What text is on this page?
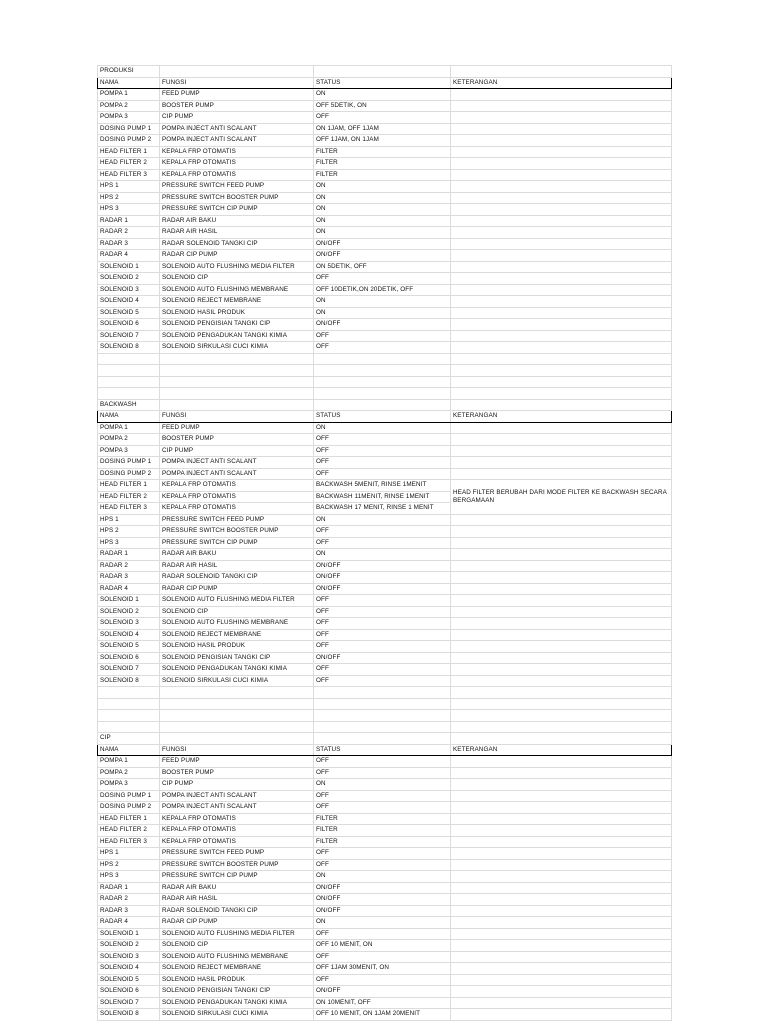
PRODUKSI			
NAMA	FUNGSI	STATUS	KETERANGAN
POMPA 1	FEED PUMP	ON	
POMPA 2	BOOSTER PUMP	OFF 5DETIK, ON	
POMPA 3	CIP PUMP	OFF	
DOSING PUMP 1	POMPA INJECT ANTI SCALANT	ON 1JAM, OFF 1JAM	
DOSING PUMP 2	POMPA INJECT ANTI SCALANT	OFF 1JAM, ON 1JAM	
HEAD FILTER 1	KEPALA FRP OTOMATIS	FILTER	
HEAD FILTER 2	KEPALA FRP OTOMATIS	FILTER	
HEAD FILTER 3	KEPALA FRP OTOMATIS	FILTER	
HPS 1	PRESSURE SWITCH FEED PUMP	ON	
HPS 2	PRESSURE SWITCH BOOSTER PUMP	ON	
HPS 3	PRESSURE SWITCH CIP PUMP	ON	
RADAR 1	RADAR AIR BAKU	ON	
RADAR 2	RADAR AIR HASIL	ON	
RADAR 3	RADAR SOLENOID TANGKI CIP	ON/OFF	
RADAR 4	RADAR CIP PUMP	ON/OFF	
SOLENOID 1	SOLENOID AUTO FLUSHING MEDIA FILTER	ON 5DETIK, OFF	
SOLENOID 2	SOLENOID CIP	OFF	
SOLENOID 3	SOLENOID AUTO FLUSHING MEMBRANE	OFF 10DETIK,ON 20DETIK, OFF	
SOLENOID 4	SOLENOID REJECT MEMBRANE	ON	
SOLENOID 5	SOLENOID HASIL PRODUK	ON	
SOLENOID 6	SOLENOID PENGISIAN TANGKI CIP	ON/OFF	
SOLENOID 7	SOLENOID PENGADUKAN TANGKI KIMIA	OFF	
SOLENOID 8	SOLENOID SIRKULASI CUCI KIMIA	OFF	

BACKWASH			
NAMA	FUNGSI	STATUS	KETERANGAN
POMPA 1	FEED PUMP	ON	
POMPA 2	BOOSTER PUMP	OFF	
POMPA 3	CIP PUMP	OFF	
DOSING PUMP 1	POMPA INJECT ANTI SCALANT	OFF	
DOSING PUMP 2	POMPA INJECT ANTI SCALANT	OFF	
HEAD FILTER 1	KEPALA FRP OTOMATIS	BACKWASH 5MENIT, RINSE 1MENIT	HEAD FILTER BERUBAH DARI MODE FILTER KE BACKWASH SECARA BERGAMAAN
HEAD FILTER 2	KEPALA FRP OTOMATIS	BACKWASH 11MENIT, RINSE 1MENIT	
HEAD FILTER 3	KEPALA FRP OTOMATIS	BACKWASH 17 MENIT, RINSE 1 MENIT	
HPS 1	PRESSURE SWITCH FEED PUMP	ON	
HPS 2	PRESSURE SWITCH BOOSTER PUMP	OFF	
HPS 3	PRESSURE SWITCH CIP PUMP	OFF	
RADAR 1	RADAR AIR BAKU	ON	
RADAR 2	RADAR AIR HASIL	ON/OFF	
RADAR 3	RADAR SOLENOID TANGKI CIP	ON/OFF	
RADAR 4	RADAR CIP PUMP	ON/OFF	
SOLENOID 1	SOLENOID AUTO FLUSHING MEDIA FILTER	OFF	
SOLENOID 2	SOLENOID CIP	OFF	
SOLENOID 3	SOLENOID AUTO FLUSHING MEMBRANE	OFF	
SOLENOID 4	SOLENOID REJECT MEMBRANE	OFF	
SOLENOID 5	SOLENOID HASIL PRODUK	OFF	
SOLENOID 6	SOLENOID PENGISIAN TANGKI CIP	ON/OFF	
SOLENOID 7	SOLENOID PENGADUKAN TANGKI KIMIA	OFF	
SOLENOID 8	SOLENOID SIRKULASI CUCI KIMIA	OFF	

CIP			
NAMA	FUNGSI	STATUS	KETERANGAN
POMPA 1	FEED PUMP	OFF	
POMPA 2	BOOSTER PUMP	OFF	
POMPA 3	CIP PUMP	ON	
DOSING PUMP 1	POMPA INJECT ANTI SCALANT	OFF	
DOSING PUMP 2	POMPA INJECT ANTI SCALANT	OFF	
HEAD FILTER 1	KEPALA FRP OTOMATIS	FILTER	
HEAD FILTER 2	KEPALA FRP OTOMATIS	FILTER	
HEAD FILTER 3	KEPALA FRP OTOMATIS	FILTER	
HPS 1	PRESSURE SWITCH FEED PUMP	OFF	
HPS 2	PRESSURE SWITCH BOOSTER PUMP	OFF	
HPS 3	PRESSURE SWITCH CIP PUMP	ON	
RADAR 1	RADAR AIR BAKU	ON/OFF	
RADAR 2	RADAR AIR HASIL	ON/OFF	
RADAR 3	RADAR SOLENOID TANGKI CIP	ON/OFF	
RADAR 4	RADAR CIP PUMP	ON	
SOLENOID 1	SOLENOID AUTO FLUSHING MEDIA FILTER	OFF	
SOLENOID 2	SOLENOID CIP	OFF 10 MENIT, ON	
SOLENOID 3	SOLENOID AUTO FLUSHING MEMBRANE	OFF	
SOLENOID 4	SOLENOID REJECT MEMBRANE	OFF 1JAM 30MENIT, ON	
SOLENOID 5	SOLENOID HASIL PRODUK	OFF	
SOLENOID 6	SOLENOID PENGISIAN TANGKI CIP	ON/OFF	
SOLENOID 7	SOLENOID PENGADUKAN TANGKI KIMIA	ON 10MENIT, OFF	
SOLENOID 8	SOLENOID SIRKULASI CUCI KIMIA	OFF 10 MENIT, ON 1JAM 20MENIT	
